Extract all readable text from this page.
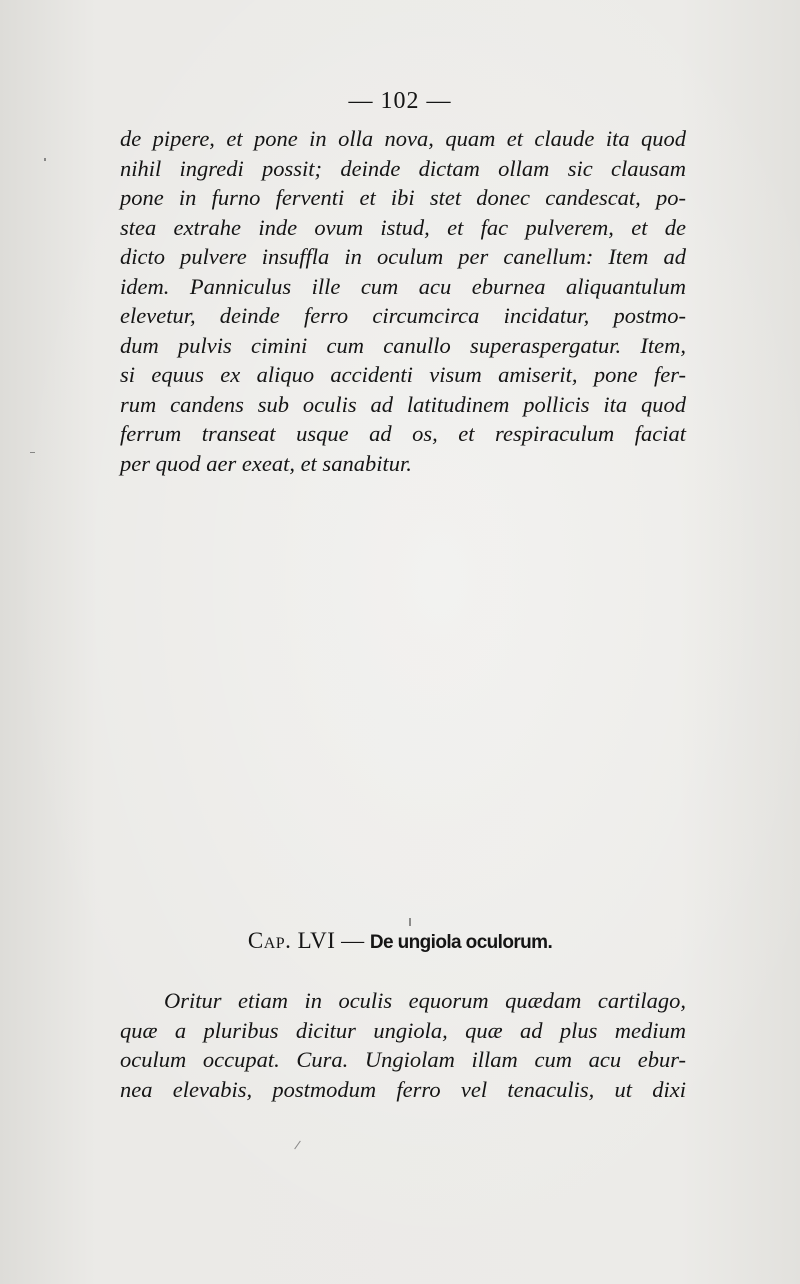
— 102 —
de pipere, et pone in olla nova, quam et claude ita quod
nihil ingredi possit; deinde dictam ollam sic clausam
pone in furno ferventi et ibi stet donec candescat, po-
stea extrahe inde ovum istud, et fac pulverem, et de
dicto pulvere insuffla in oculum per canellum: Item ad
idem. Panniculus ille cum acu eburnea aliquantulum
elevetur, deinde ferro circumcirca incidatur, postmo-
dum pulvis cimini cum canullo superaspergatur. Item,
si equus ex aliquo accidenti visum amiserit, pone fer-
rum candens sub oculis ad latitudinem pollicis ita quod
ferrum transeat usque ad os, et respiraculum faciat
per quod aer exeat, et sanabitur.
Cap. LVI — De ungiola oculorum.
Oritur etiam in oculis equorum quædam cartilago,
quæ a pluribus dicitur ungiola, quæ ad plus medium
oculum occupat. Cura. Ungiolam illam cum acu ebur-
nea elevabis, postmodum ferro vel tenaculis, ut dixi
